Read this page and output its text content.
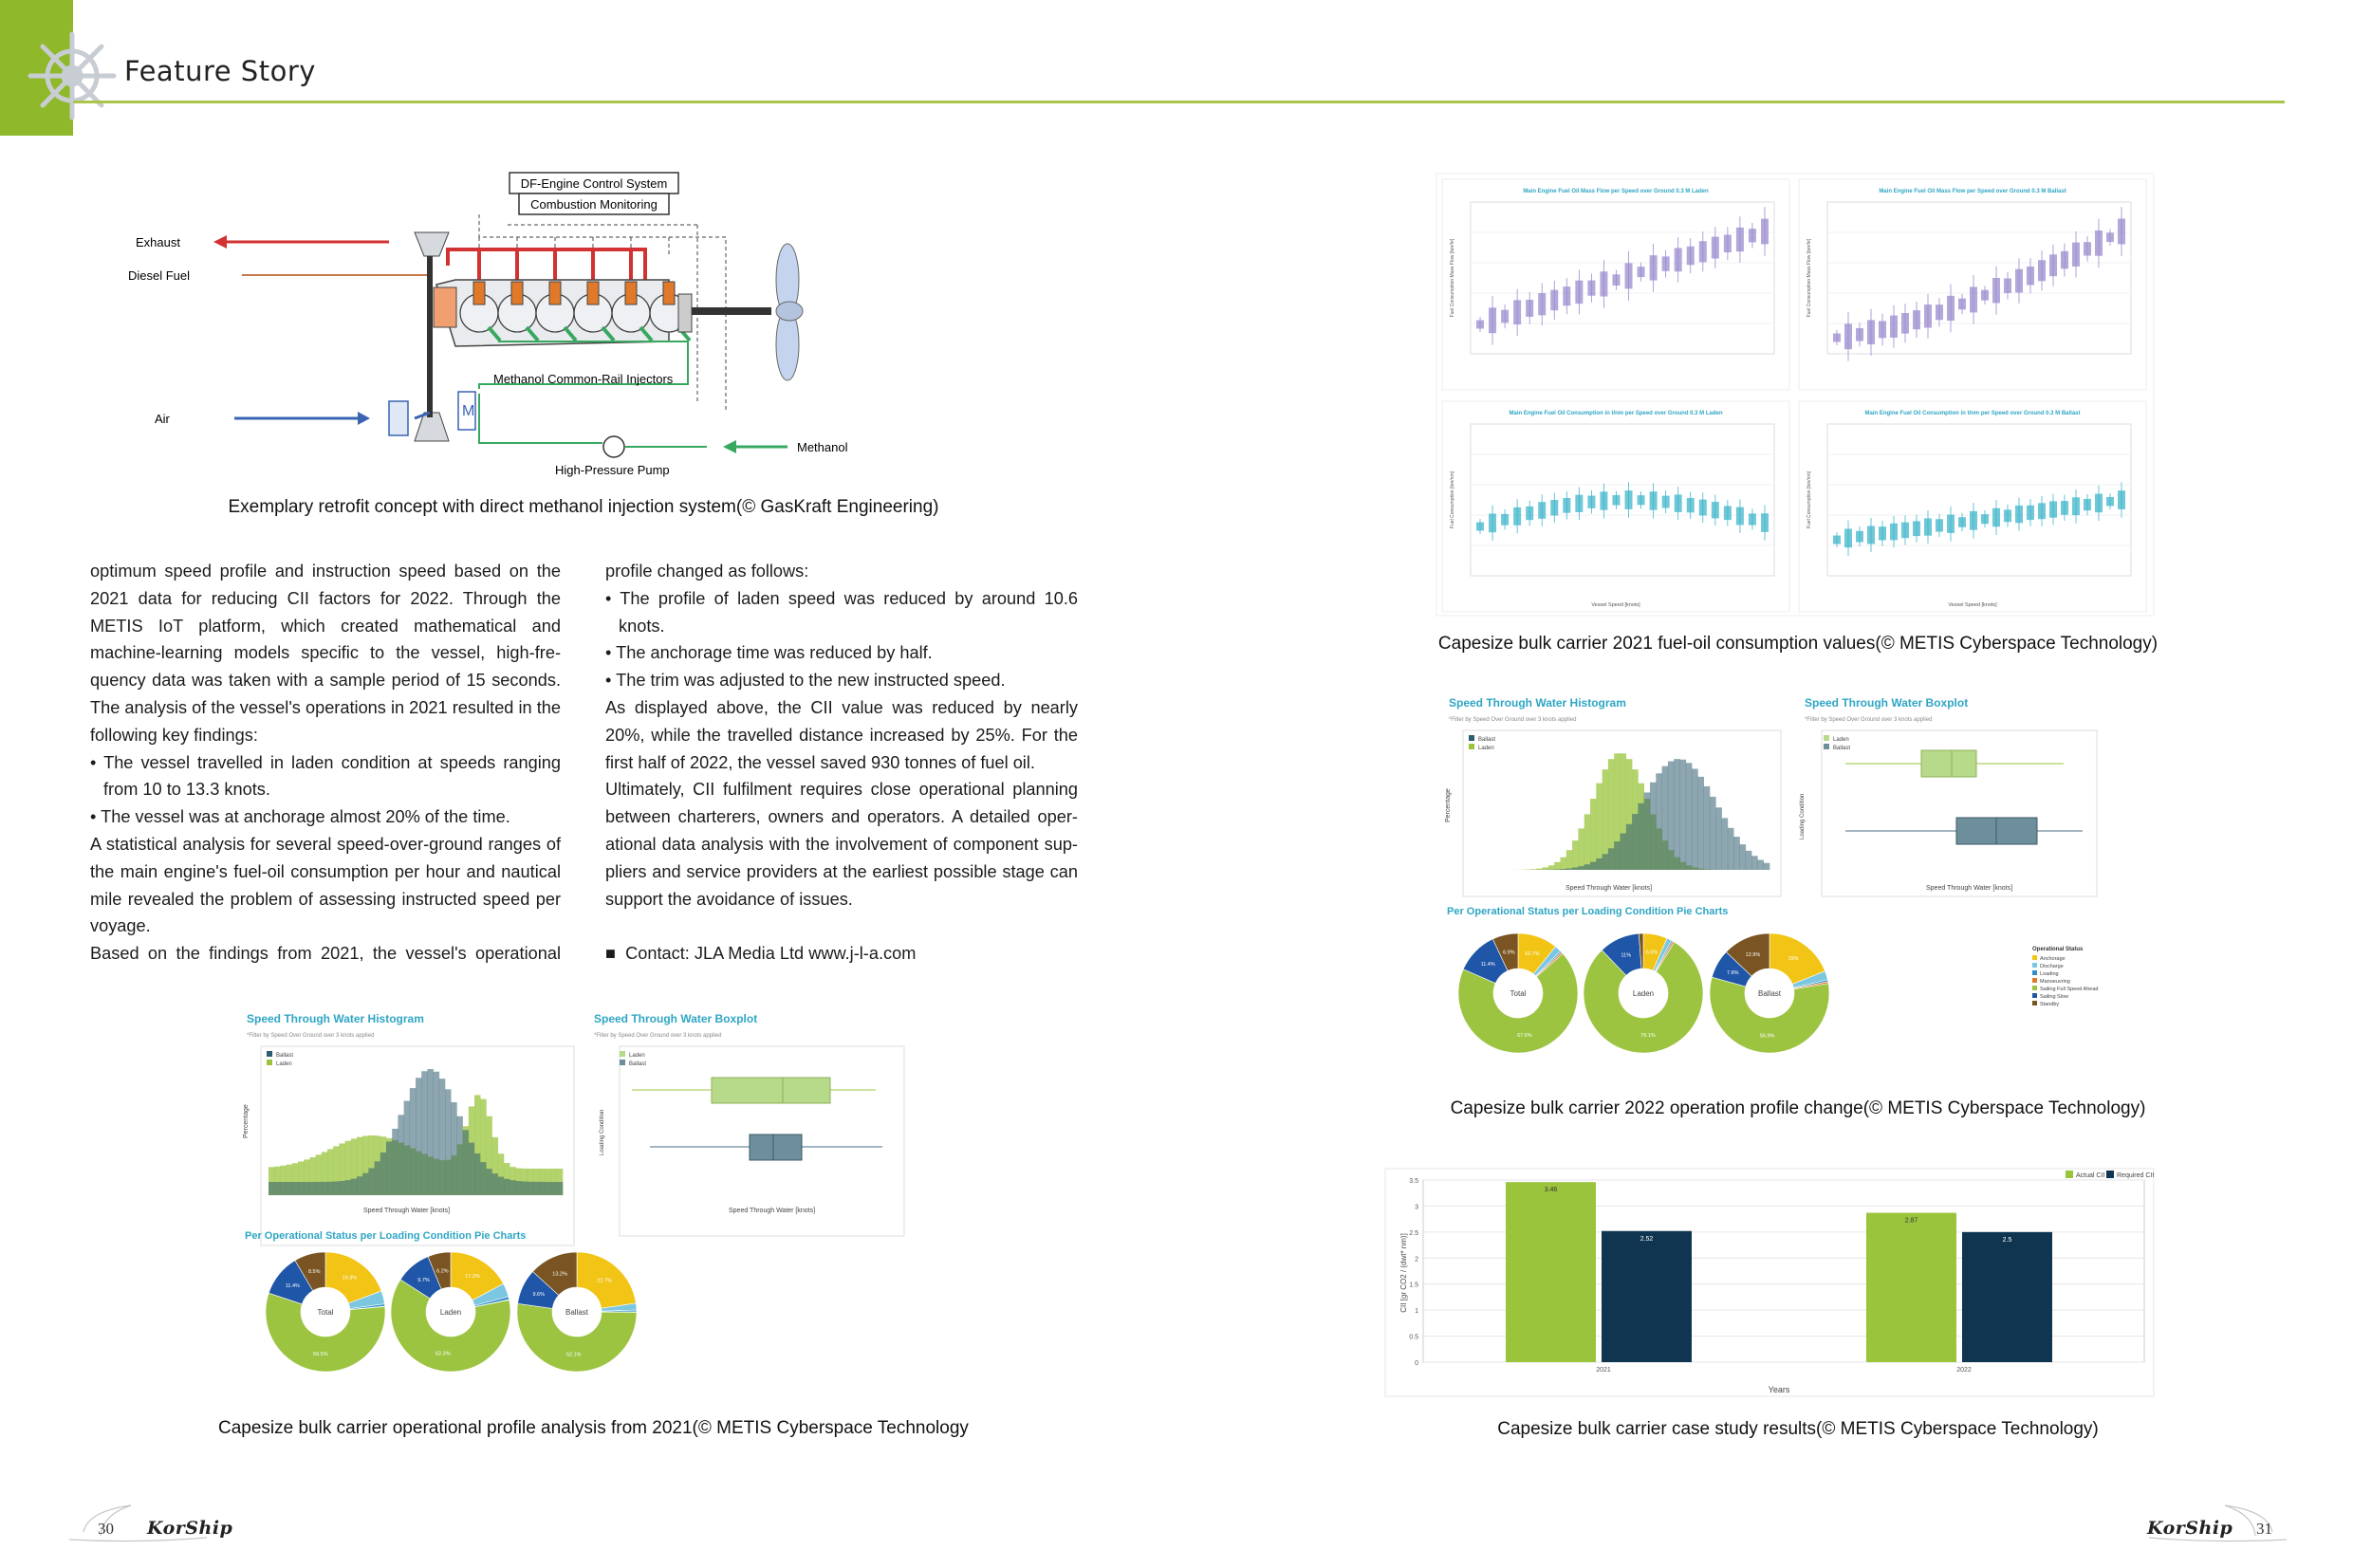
Feature Story
DF-Engine Control System
Combustion Monitoring
Exhaust
Diesel Fuel
Air	M
Methanol Common-Rail Injectors
High-Pressure Pump
Methanol
Exemplary retrofit concept with direct methanol injection system(© GasKraft Engineering)

optimum speed profile and instruction speed based on the

2021 data for reducing CII factors for 2022. Through the

METIS IoT platform, which created mathematical and

machine-learning models specific to the vessel, high-fre-

quency data was taken with a sample period of 15 seconds.

The analysis of the vessel's operations in 2021 resulted in the

following key findings:

• The vessel travelled in laden condition at speeds ranging

from 10 to 13.3 knots.

• The vessel was at anchorage almost 20% of the time.

A statistical analysis for several speed-over-ground ranges of

the main engine's fuel-oil consumption per hour and nautical

mile revealed the problem of assessing instructed speed per

voyage.

Based on the findings from 2021, the vessel's operational

profile changed as follows:

• The profile of laden speed was reduced by around 10.6

knots.

• The anchorage time was reduced by half.

• The trim was adjusted to the new instructed speed.

As displayed above, the CII value was reduced by nearly

20%, while the travelled distance increased by 25%. For the

first half of 2022, the vessel saved 930 tonnes of fuel oil.

Ultimately, CII fulfilment requires close operational planning

between charterers, owners and operators. A detailed oper-

ational data analysis with the involvement of component sup-

pliers and service providers at the earliest possible stage can

support the avoidance of issues.

■ Contact: JLA Media Ltd www.j-l-a.com

Speed Through Water Histogram
*Filter by Speed Over Ground over 3 knots applied
Ballast
Laden
Speed Through Water [knots]
Percentage
Speed Through Water Boxplot
*Filter by Speed Over Ground over 3 knots applied
Laden
Ballast
Speed Through Water [knots]
Loading Condition
Per Operational Status per Loading Condition Pie Charts
19.3%
56.5%
11.4%
8.5%
Total
17.2%
62.3%
9.7%
6.2%
Laden
22.7%
52.1%
9.6%
13.2%
Ballast
Capesize bulk carrier operational profile analysis from 2021(© METIS Cyberspace Technology
Main Engine Fuel Oil Mass Flow per Speed over Ground 0.3 M Laden
Fuel Consumption Mass Flow [ton/hr]
Main Engine Fuel Oil Mass Flow per Speed over Ground 0.3 M Ballast
Fuel Consumption Mass Flow [ton/hr]
Main Engine Fuel Oil Consumption in t/nm per Speed over Ground 0.3 M Laden
Fuel Consumption [ton/nm]
Vessel Speed [knots]
Main Engine Fuel Oil Consumption in t/nm per Speed over Ground 0.3 M Ballast
Fuel Consumption [ton/nm]
Vessel Speed [knots]
Capesize bulk carrier 2021 fuel-oil consumption values(© METIS Cyberspace Technology)
Speed Through Water Histogram
*Filter by Speed Over Ground over 3 knots applied
Ballast
Laden
Speed Through Water [knots]
Percentage
Speed Through Water Boxplot
*Filter by Speed Over Ground over 3 knots applied
Laden
Ballast
Speed Through Water [knots]
Loading Condition
Per Operational Status per Loading Condition Pie Charts
10.7%
67.6%
11.4%
6.9%
Total
6.5%
79.1%
11%
Laden
19%
56.9%
7.8%
12.9%
Ballast
Operational Status
Anchorage
Discharge
Loading
Manoeuvring
Sailing Full Speed Ahead
Sailing Slow
Standby
Capesize bulk carrier 2022 operation profile change(© METIS Cyberspace Technology)
3.46
2.52
2.87
2.5
0
0.5
1
1.5
2
2.5
3
3.5
2021	2022
Actual CII Required CII
Years
CII [gr CO2 / (dwt* nm)]
Capesize bulk carrier case study results(© METIS Cyberspace Technology)
30 KorShip	KorShip 31
